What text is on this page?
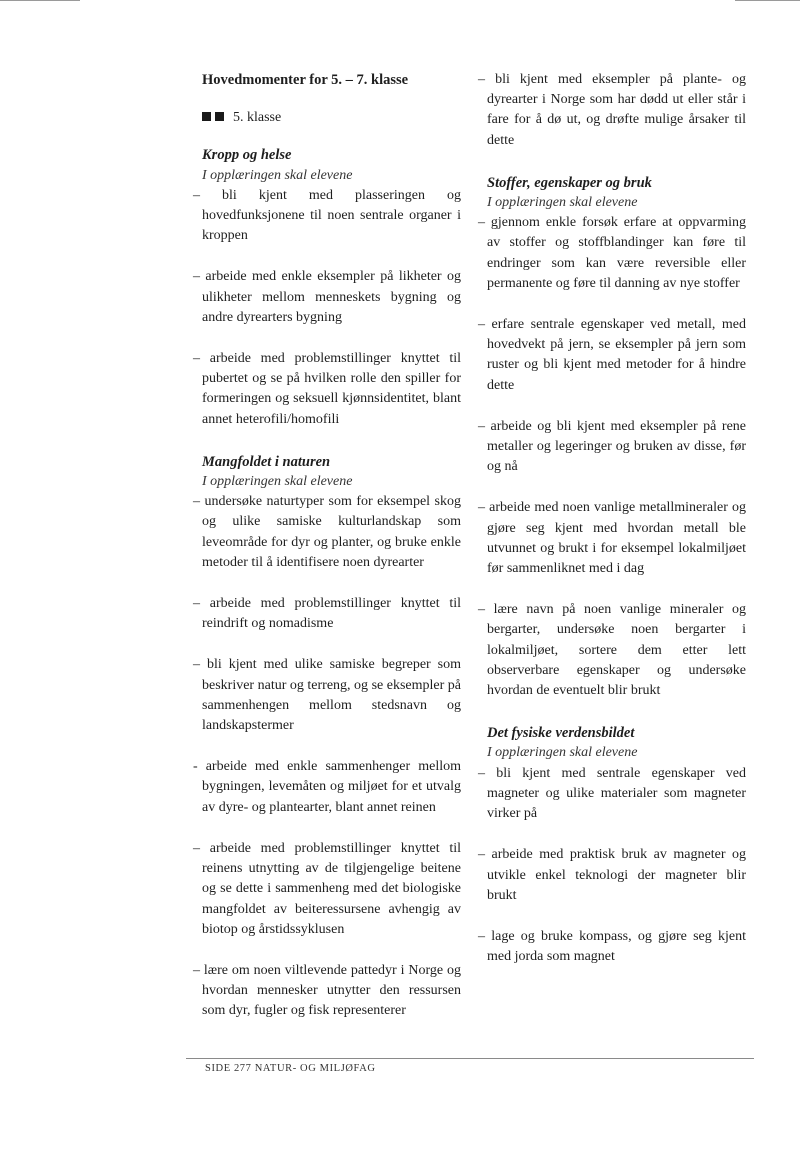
Hovedmomenter for 5. – 7. klasse
5. klasse
Kropp og helse
I opplæringen skal elevene
– bli kjent med plasseringen og hovedfunksjonene til noen sentrale organer i kroppen
– arbeide med enkle eksempler på likheter og ulikheter mellom menneskets bygning og andre dyrearters bygning
– arbeide med problemstillinger knyttet til pubertet og se på hvilken rolle den spiller for formeringen og seksuell kjønnsidentitet, blant annet heterofili/homofili
Mangfoldet i naturen
I opplæringen skal elevene
– undersøke naturtyper som for eksempel skog og ulike samiske kulturlandskap som leveområde for dyr og planter, og bruke enkle metoder til å identifisere noen dyrearter
– arbeide med problemstillinger knyttet til reindrift og nomadisme
– bli kjent med ulike samiske begreper som beskriver natur og terreng, og se eksempler på sammenhengen mellom stedsnavn og landskapstermer
- arbeide med enkle sammenhenger mellom bygningen, levemåten og miljøet for et utvalg av dyre- og plantearter, blant annet reinen
– arbeide med problemstillinger knyttet til reinens utnytting av de tilgjengelige beitene og se dette i sammenheng med det biologiske mangfoldet av beiteressursene avhengig av biotop og årstidssyklusen
– lære om noen viltlevende pattedyr i Norge og hvordan mennesker utnytter den ressursen som dyr, fugler og fisk representerer
– bli kjent med eksempler på plante- og dyrearter i Norge som har dødd ut eller står i fare for å dø ut, og drøfte mulige årsaker til dette
Stoffer, egenskaper og bruk
I opplæringen skal elevene
– gjennom enkle forsøk erfare at oppvarming av stoffer og stoffblandinger kan føre til endringer som kan være reversible eller permanente og føre til danning av nye stoffer
– erfare sentrale egenskaper ved metall, med hovedvekt på jern, se eksempler på jern som ruster og bli kjent med metoder for å hindre dette
– arbeide og bli kjent med eksempler på rene metaller og legeringer og bruken av disse, før og nå
– arbeide med noen vanlige metallmineraler og gjøre seg kjent med hvordan metall ble utvunnet og brukt i for eksempel lokalmiljøet før sammenliknet med i dag
– lære navn på noen vanlige mineraler og bergarter, undersøke noen bergarter i lokalmiljøet, sortere dem etter lett observerbare egenskaper og undersøke hvordan de eventuelt blir brukt
Det fysiske verdensbildet
I opplæringen skal elevene
– bli kjent med sentrale egenskaper ved magneter og ulike materialer som magneter virker på
– arbeide med praktisk bruk av magneter og utvikle enkel teknologi der magneter blir brukt
– lage og bruke kompass, og gjøre seg kjent med jorda som magnet
SIDE 277 NATUR- OG MILJØFAG
